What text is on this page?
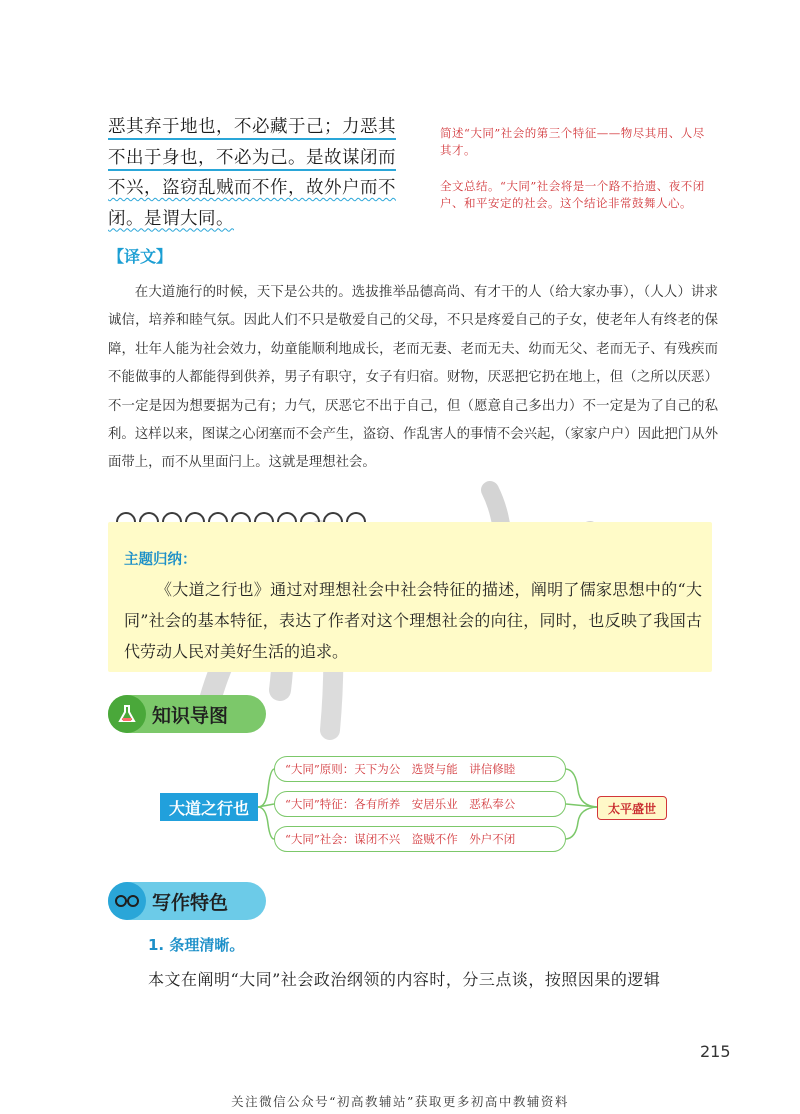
恶其弃于地也，不必藏于己；力恶其
不出于身也，不必为己。是故谋闭而
不兴，盗窃乱贼而不作，故外户而不
闭。是谓大同。
简述“大同”社会的第三个特征——物尽其用、人尽其才。
全文总结。“大同”社会将是一个路不拾遗、夜不闭户、和平安定的社会。这个结论非常鼓舞人心。
【译文】

在大道施行的时候，天下是公共的。选拔推举品德高尚、有才干的人（给大家办事），（人人）讲求诚信，培养和睦气氛。因此人们不只是敬爱自己的父母，不只是疼爱自己的子女，使老年人有终老的保障，壮年人能为社会效力，幼童能顺利地成长，老而无妻、老而无夫、幼而无父、老而无子、有残疾而不能做事的人都能得到供养，男子有职守，女子有归宿。财物，厌恶把它扔在地上，但（之所以厌恶）不一定是因为想要据为己有；力气，厌恶它不出于自己，但（愿意自己多出力）不一定是为了自己的私利。这样以来，图谋之心闭塞而不会产生，盗窃、作乱害人的事情不会兴起，（家家户户）因此把门从外面带上，而不从里面闩上。这就是理想社会。

主题归纳：

《大道之行也》通过对理想社会中社会特征的描述，阐明了儒家思想中的“大同”社会的基本特征，表达了作者对这个理想社会的向往，同时，也反映了我国古代劳动人民对美好生活的追求。

知识导图
大道之行也
“大同”原则：天下为公　选贤与能　讲信修睦
“大同”特征：各有所养　安居乐业　恶私奉公
“大同”社会：谋闭不兴　盗贼不作　外户不闭
太平盛世
写作特色
1. 条理清晰。
本文在阐明“大同”社会政治纲领的内容时，分三点谈，按照因果的逻辑
215
关注微信公众号“初高教辅站”获取更多初高中教辅资料
